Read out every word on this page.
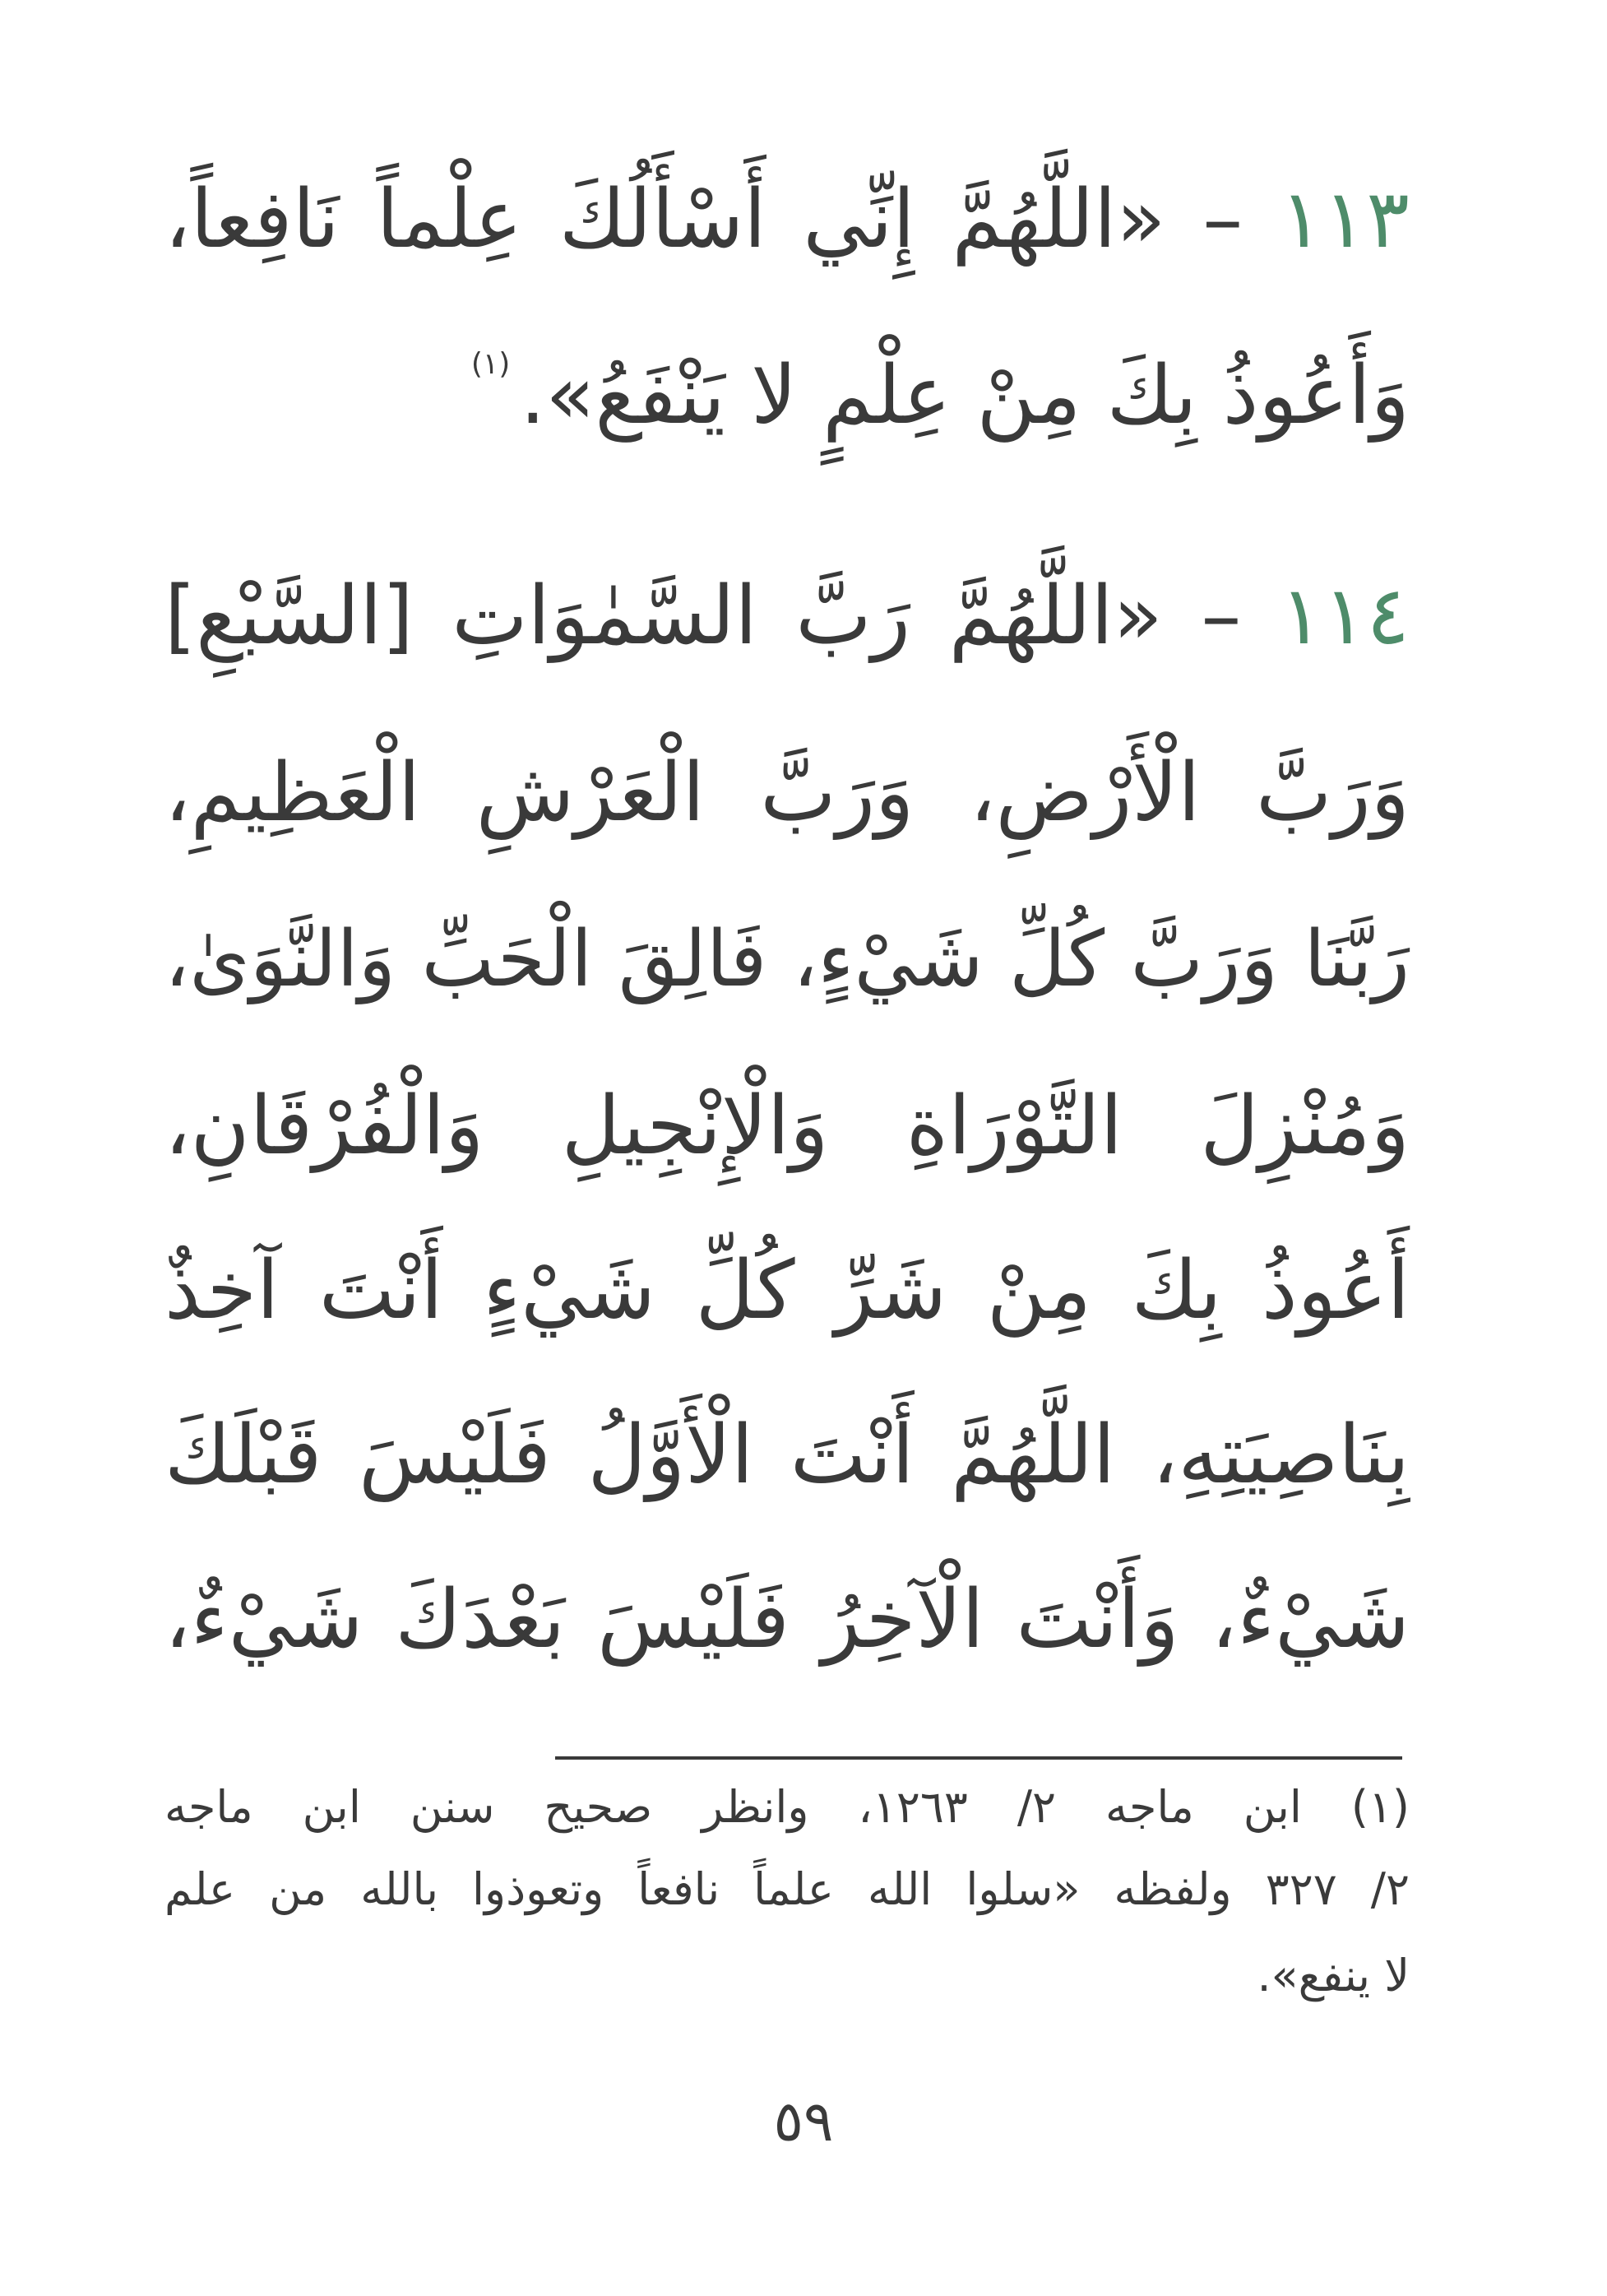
١١٣ – «اللَّهُمَّ إِنِّي أَسْأَلُكَ عِلْماً نَافِعاً،
وَأَعُوذُ بِكَ مِنْ عِلْمٍ لا يَنْفَعُ».$^{(١)}$
١١٤ – «اللَّهُمَّ رَبَّ السَّمٰوَاتِ [السَّبْعِ]
وَرَبَّ الْأَرْضِ، وَرَبَّ الْعَرْشِ الْعَظِيمِ،
رَبَّنَا وَرَبَّ كُلِّ شَيْءٍ، فَالِقَ الْحَبِّ وَالنَّوَىٰ،
وَمُنْزِلَ التَّوْرَاةِ وَالْإِنْجِيلِ وَالْفُرْقَانِ،
أَعُوذُ بِكَ مِنْ شَرِّ كُلِّ شَيْءٍ أَنْتَ آخِذٌ
بِنَاصِيَتِهِ، اللَّهُمَّ أَنْتَ الْأَوَّلُ فَلَيْسَ قَبْلَكَ
شَيْءٌ، وَأَنْتَ الْآخِرُ فَلَيْسَ بَعْدَكَ شَيْءٌ،
(١) ابن ماجه ٢/ ١٢٦٣، وانظر صحيح سنن ابن ماجه
٢/ ٣٢٧ ولفظه «سلوا الله علماً نافعاً وتعوذوا بالله من علم
لا ينفع».
٥٩
